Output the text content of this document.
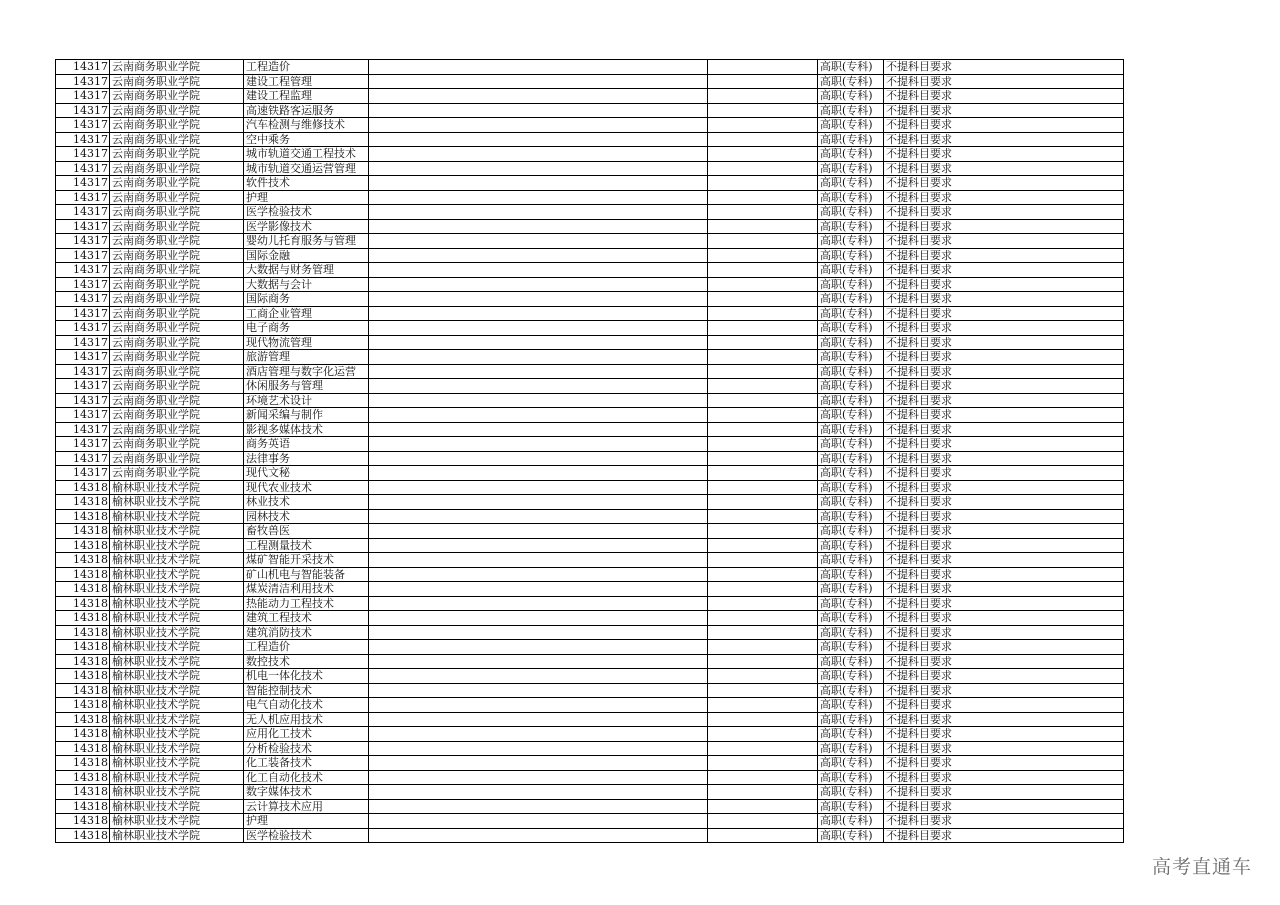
14317	云南商务职业学院	工程造价			高职(专科)	不提科目要求
14317	云南商务职业学院	建设工程管理			高职(专科)	不提科目要求
14317	云南商务职业学院	建设工程监理			高职(专科)	不提科目要求
14317	云南商务职业学院	高速铁路客运服务			高职(专科)	不提科目要求
14317	云南商务职业学院	汽车检测与维修技术			高职(专科)	不提科目要求
14317	云南商务职业学院	空中乘务			高职(专科)	不提科目要求
14317	云南商务职业学院	城市轨道交通工程技术			高职(专科)	不提科目要求
14317	云南商务职业学院	城市轨道交通运营管理			高职(专科)	不提科目要求
14317	云南商务职业学院	软件技术			高职(专科)	不提科目要求
14317	云南商务职业学院	护理			高职(专科)	不提科目要求
14317	云南商务职业学院	医学检验技术			高职(专科)	不提科目要求
14317	云南商务职业学院	医学影像技术			高职(专科)	不提科目要求
14317	云南商务职业学院	婴幼儿托育服务与管理			高职(专科)	不提科目要求
14317	云南商务职业学院	国际金融			高职(专科)	不提科目要求
14317	云南商务职业学院	大数据与财务管理			高职(专科)	不提科目要求
14317	云南商务职业学院	大数据与会计			高职(专科)	不提科目要求
14317	云南商务职业学院	国际商务			高职(专科)	不提科目要求
14317	云南商务职业学院	工商企业管理			高职(专科)	不提科目要求
14317	云南商务职业学院	电子商务			高职(专科)	不提科目要求
14317	云南商务职业学院	现代物流管理			高职(专科)	不提科目要求
14317	云南商务职业学院	旅游管理			高职(专科)	不提科目要求
14317	云南商务职业学院	酒店管理与数字化运营			高职(专科)	不提科目要求
14317	云南商务职业学院	休闲服务与管理			高职(专科)	不提科目要求
14317	云南商务职业学院	环境艺术设计			高职(专科)	不提科目要求
14317	云南商务职业学院	新闻采编与制作			高职(专科)	不提科目要求
14317	云南商务职业学院	影视多媒体技术			高职(专科)	不提科目要求
14317	云南商务职业学院	商务英语			高职(专科)	不提科目要求
14317	云南商务职业学院	法律事务			高职(专科)	不提科目要求
14317	云南商务职业学院	现代文秘			高职(专科)	不提科目要求
14318	榆林职业技术学院	现代农业技术			高职(专科)	不提科目要求
14318	榆林职业技术学院	林业技术			高职(专科)	不提科目要求
14318	榆林职业技术学院	园林技术			高职(专科)	不提科目要求
14318	榆林职业技术学院	畜牧兽医			高职(专科)	不提科目要求
14318	榆林职业技术学院	工程测量技术			高职(专科)	不提科目要求
14318	榆林职业技术学院	煤矿智能开采技术			高职(专科)	不提科目要求
14318	榆林职业技术学院	矿山机电与智能装备			高职(专科)	不提科目要求
14318	榆林职业技术学院	煤炭清洁利用技术			高职(专科)	不提科目要求
14318	榆林职业技术学院	热能动力工程技术			高职(专科)	不提科目要求
14318	榆林职业技术学院	建筑工程技术			高职(专科)	不提科目要求
14318	榆林职业技术学院	建筑消防技术			高职(专科)	不提科目要求
14318	榆林职业技术学院	工程造价			高职(专科)	不提科目要求
14318	榆林职业技术学院	数控技术			高职(专科)	不提科目要求
14318	榆林职业技术学院	机电一体化技术			高职(专科)	不提科目要求
14318	榆林职业技术学院	智能控制技术			高职(专科)	不提科目要求
14318	榆林职业技术学院	电气自动化技术			高职(专科)	不提科目要求
14318	榆林职业技术学院	无人机应用技术			高职(专科)	不提科目要求
14318	榆林职业技术学院	应用化工技术			高职(专科)	不提科目要求
14318	榆林职业技术学院	分析检验技术			高职(专科)	不提科目要求
14318	榆林职业技术学院	化工装备技术			高职(专科)	不提科目要求
14318	榆林职业技术学院	化工自动化技术			高职(专科)	不提科目要求
14318	榆林职业技术学院	数字媒体技术			高职(专科)	不提科目要求
14318	榆林职业技术学院	云计算技术应用			高职(专科)	不提科目要求
14318	榆林职业技术学院	护理			高职(专科)	不提科目要求
14318	榆林职业技术学院	医学检验技术			高职(专科)	不提科目要求
高考直通车
